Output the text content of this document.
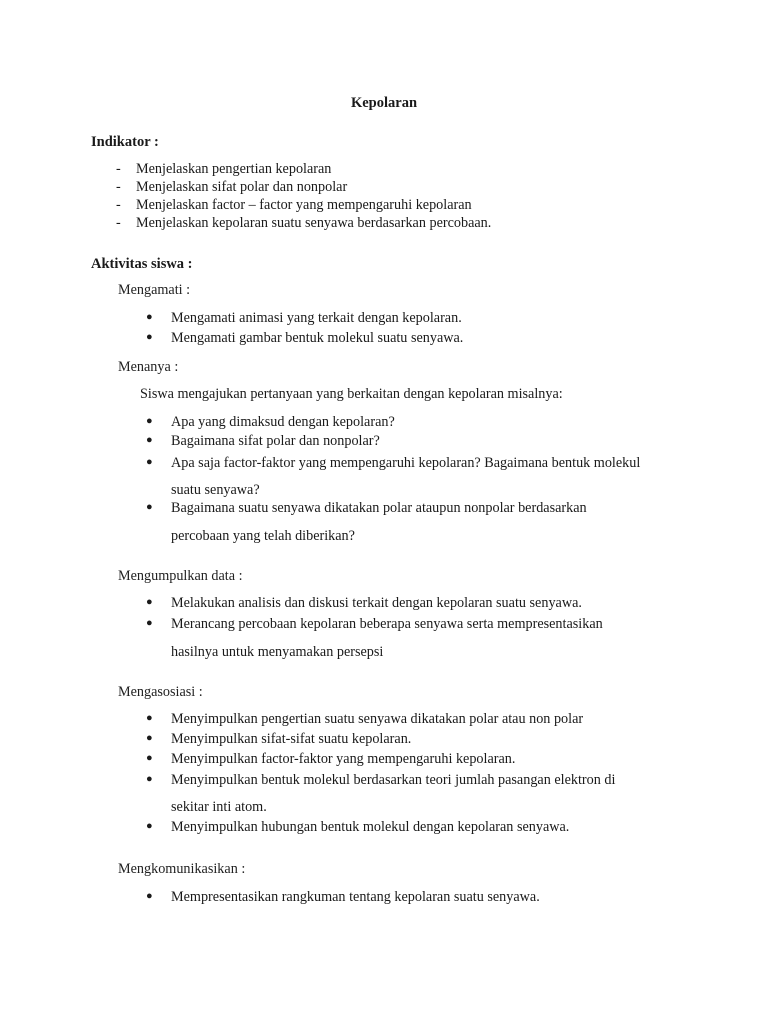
Kepolaran
Indikator :
- Menjelaskan pengertian kepolaran
- Menjelaskan sifat polar dan nonpolar
- Menjelaskan factor – factor yang mempengaruhi kepolaran
- Menjelaskan kepolaran suatu senyawa berdasarkan percobaan.
Aktivitas siswa :
Mengamati :
● Mengamati animasi yang terkait dengan kepolaran.
● Mengamati gambar bentuk molekul suatu senyawa.
Menanya :
Siswa mengajukan pertanyaan yang berkaitan dengan kepolaran misalnya:
● Apa yang dimaksud dengan kepolaran?
● Bagaimana sifat polar dan nonpolar?
● Apa saja factor-faktor yang mempengaruhi kepolaran? Bagaimana bentuk molekul
suatu senyawa?
● Bagaimana suatu senyawa dikatakan polar ataupun nonpolar berdasarkan
percobaan yang telah diberikan?
Mengumpulkan data :
● Melakukan analisis dan diskusi terkait dengan kepolaran suatu senyawa.
● Merancang percobaan kepolaran beberapa senyawa serta mempresentasikan
hasilnya untuk menyamakan persepsi
Mengasosiasi :
● Menyimpulkan pengertian suatu senyawa dikatakan polar atau non polar
● Menyimpulkan sifat-sifat suatu kepolaran.
● Menyimpulkan factor-faktor yang mempengaruhi kepolaran.
● Menyimpulkan bentuk molekul berdasarkan teori jumlah pasangan elektron di
sekitar inti atom.
● Menyimpulkan hubungan bentuk molekul dengan kepolaran senyawa.
Mengkomunikasikan :
● Mempresentasikan rangkuman tentang kepolaran suatu senyawa.
